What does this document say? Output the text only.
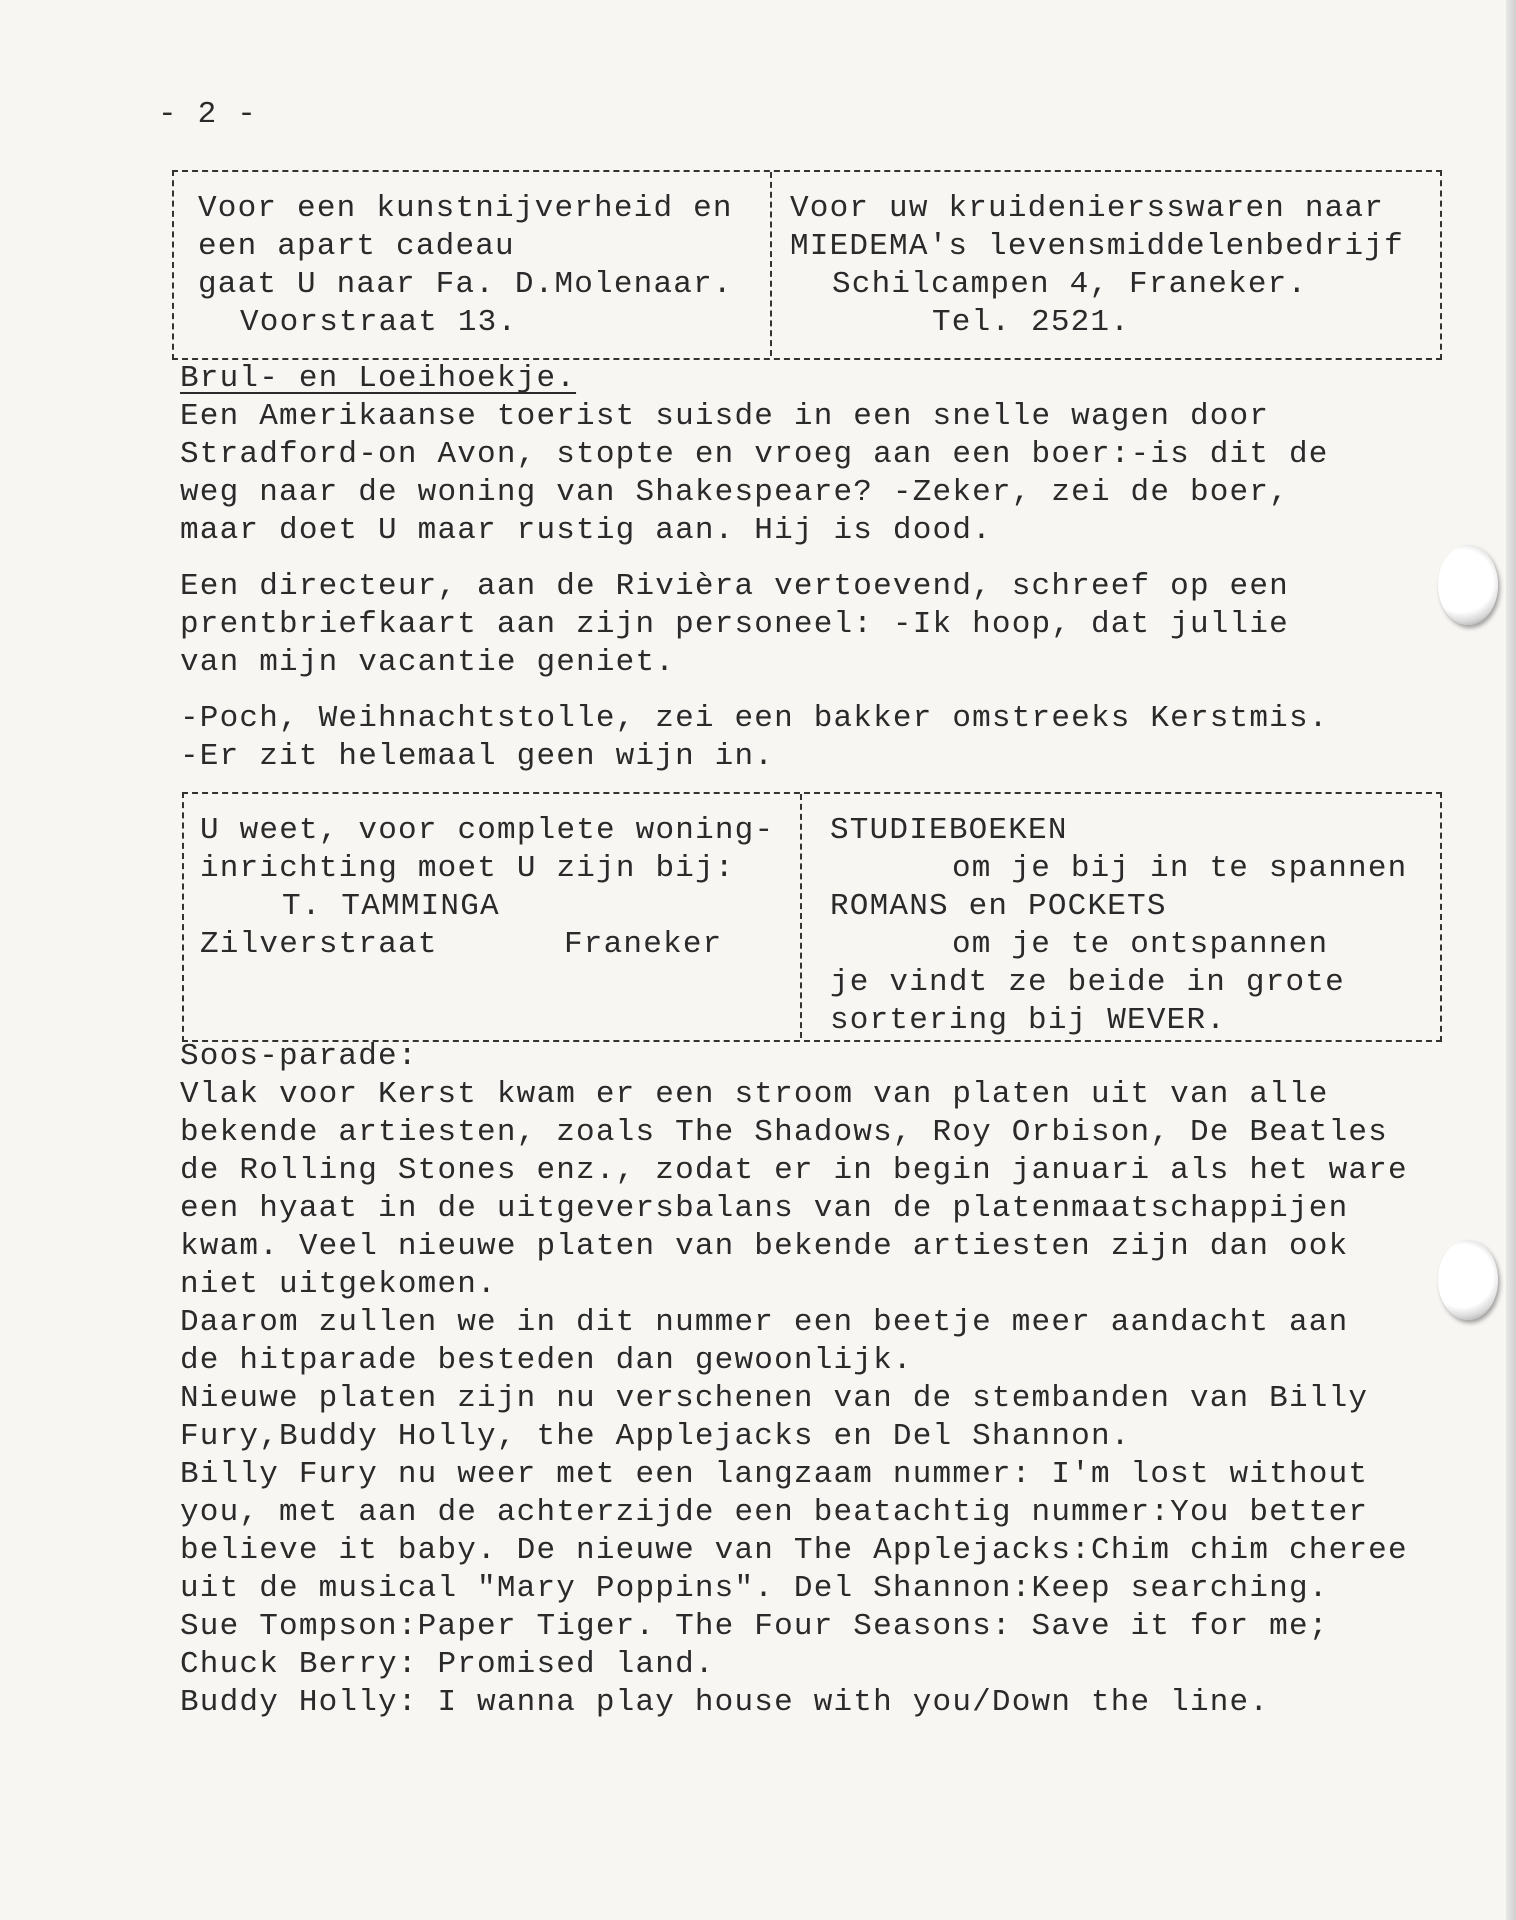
- 2 -
Voor een kunstnijverheid en
een apart cadeau
gaat U naar Fa. D.Molenaar.
Voorstraat 13.
Voor uw kruideniersswaren naar
MIEDEMA's levensmiddelenbedrijf
Schilcampen 4, Franeker.
Tel. 2521.
Brul- en Loeihoekje.
Een Amerikaanse toerist suisde in een snelle wagen door
Stradford-on Avon, stopte en vroeg aan een boer:-is dit de
weg naar de woning van Shakespeare? -Zeker, zei de boer,
maar doet U maar rustig aan. Hij is dood.
Een directeur, aan de Rivièra vertoevend, schreef op een
prentbriefkaart aan zijn personeel: -Ik hoop, dat jullie
van mijn vacantie geniet.
-Poch, Weihnachtstolle, zei een bakker omstreeks Kerstmis.
-Er zit helemaal geen wijn in.
U weet, voor complete woning-
inrichting moet U zijn bij:
T. TAMMINGA
Zilverstraat	Franeker
STUDIEBOEKEN
om je bij in te spannen
ROMANS en POCKETS
om je te ontspannen
je vindt ze beide in grote
sortering bij WEVER.
Soos-parade:
Vlak voor Kerst kwam er een stroom van platen uit van alle
bekende artiesten, zoals The Shadows, Roy Orbison, De Beatles
de Rolling Stones enz., zodat er in begin januari als het ware
een hyaat in de uitgeversbalans van de platenmaatschappijen
kwam. Veel nieuwe platen van bekende artiesten zijn dan ook
niet uitgekomen.
Daarom zullen we in dit nummer een beetje meer aandacht aan
de hitparade besteden dan gewoonlijk.
Nieuwe platen zijn nu verschenen van de stembanden van Billy
Fury,Buddy Holly, the Applejacks en Del Shannon.
Billy Fury nu weer met een langzaam nummer: I'm lost without
you, met aan de achterzijde een beatachtig nummer:You better
believe it baby. De nieuwe van The Applejacks:Chim chim cheree
uit de musical "Mary Poppins". Del Shannon:Keep searching.
Sue Tompson:Paper Tiger. The Four Seasons: Save it for me;
Chuck Berry: Promised land.
Buddy Holly: I wanna play house with you/Down the line.
